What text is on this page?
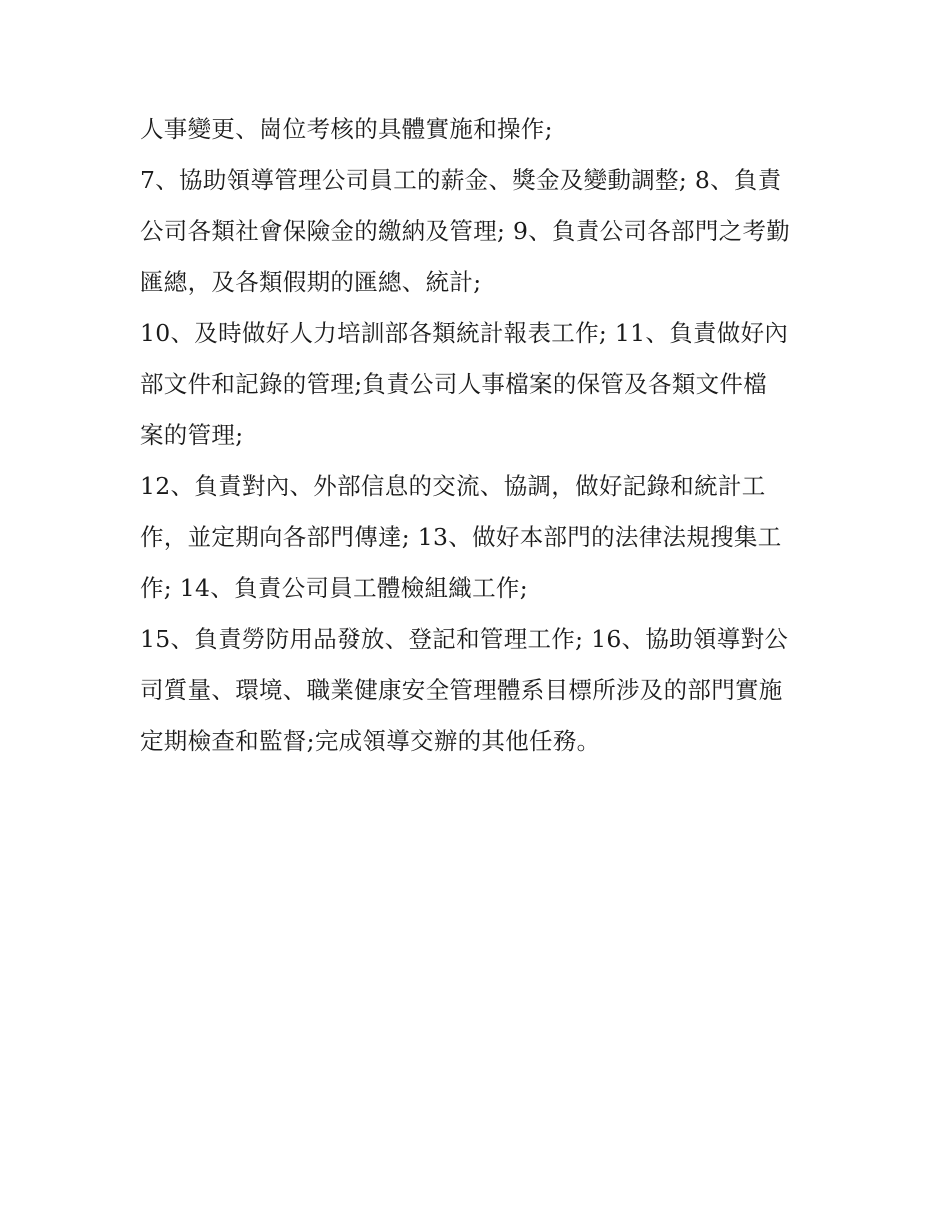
人事變更、崗位考核的具體實施和操作;
7、協助領導管理公司員工的薪金、獎金及變動調整; 8、負責
公司各類社會保險金的繳納及管理; 9、負責公司各部門之考勤
匯總，及各類假期的匯總、統計;
10、及時做好人力培訓部各類統計報表工作; 11、負責做好內
部文件和記錄的管理;負責公司人事檔案的保管及各類文件檔
案的管理;
12、負責對內、外部信息的交流、協調，做好記錄和統計工
作，並定期向各部門傳達; 13、做好本部門的法律法規搜集工
作; 14、負責公司員工體檢組織工作;
15、負責勞防用品發放、登記和管理工作; 16、協助領導對公
司質量、環境、職業健康安全管理體系目標所涉及的部門實施
定期檢查和監督;完成領導交辦的其他任務。
